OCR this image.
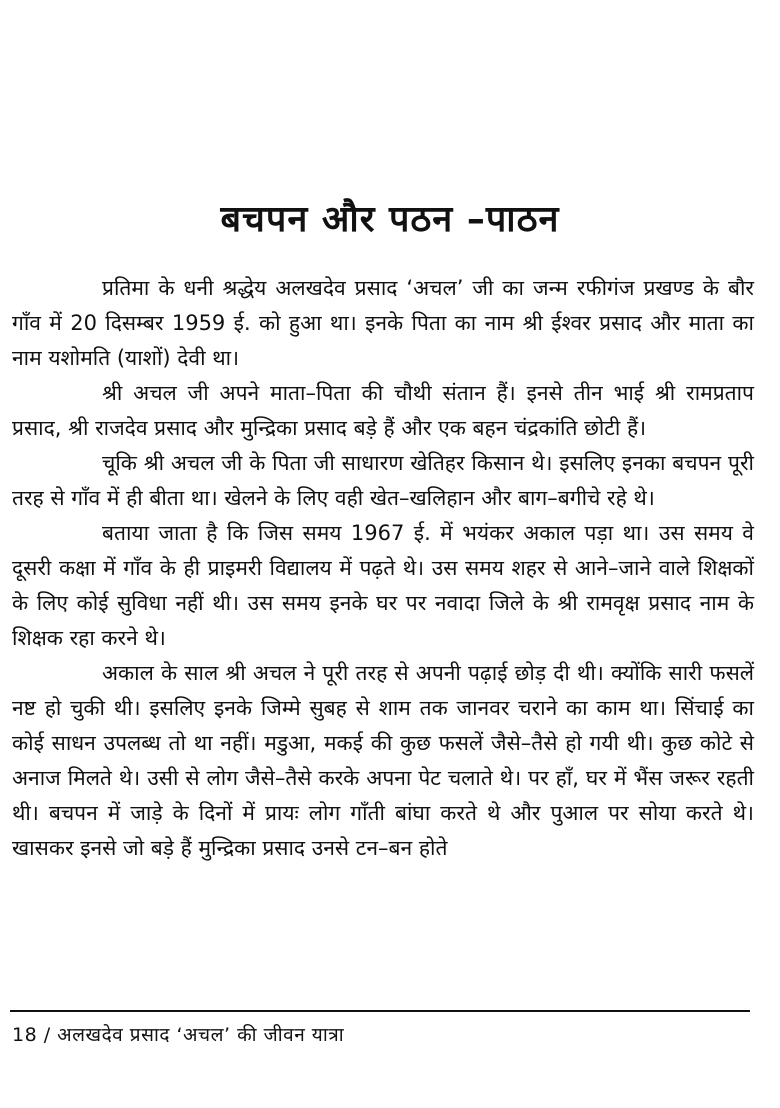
बचपन और पठन –पाठन

प्रतिमा के धनी श्रद्धेय अलखदेव प्रसाद ‘अचल’ जी का जन्म रफीगंज प्रखण्ड के बौर गाँव में 20 दिसम्बर 1959 ई. को हुआ था। इनके पिता का नाम श्री ईश्वर प्रसाद और माता का नाम यशोमति (याशों) देवी था।

श्री अचल जी अपने माता–पिता की चौथी संतान हैं। इनसे तीन भाई श्री रामप्रताप प्रसाद, श्री राजदेव प्रसाद और मुन्द्रिका प्रसाद बड़े हैं और एक बहन चंद्रकांति छोटी हैं।

चूकि श्री अचल जी के पिता जी साधारण खेतिहर किसान थे। इसलिए इनका बचपन पूरी तरह से गाँव में ही बीता था। खेलने के लिए वही खेत–खलिहान और बाग–बगीचे रहे थे।

बताया जाता है कि जिस समय 1967 ई. में भयंकर अकाल पड़ा था। उस समय वे दूसरी कक्षा में गाँव के ही प्राइमरी विद्यालय में पढ़ते थे। उस समय शहर से आने–जाने वाले शिक्षकों के लिए कोई सुविधा नहीं थी। उस समय इनके घर पर नवादा जिले के श्री रामवृक्ष प्रसाद नाम के शिक्षक रहा करने थे।

अकाल के साल श्री अचल ने पूरी तरह से अपनी पढ़ाई छोड़ दी थी। क्योंकि सारी फसलें नष्ट हो चुकी थी। इसलिए इनके जिम्मे सुबह से शाम तक जानवर चराने का काम था। सिंचाई का कोई साधन उपलब्ध तो था नहीं। मडुआ, मकई की कुछ फसलें जैसे–तैसे हो गयी थी। कुछ कोटे से अनाज मिलते थे। उसी से लोग जैसे–तैसे करके अपना पेट चलाते थे। पर हाँ, घर में भैंस जरूर रहती थी। बचपन में जाड़े के दिनों में प्रायः लोग गाँती बांघा करते थे और पुआल पर सोया करते थे। खासकर इनसे जो बड़े हैं मुन्द्रिका प्रसाद उनसे टन–बन होते

18 / अलखदेव प्रसाद ‘अचल’ की जीवन यात्रा
